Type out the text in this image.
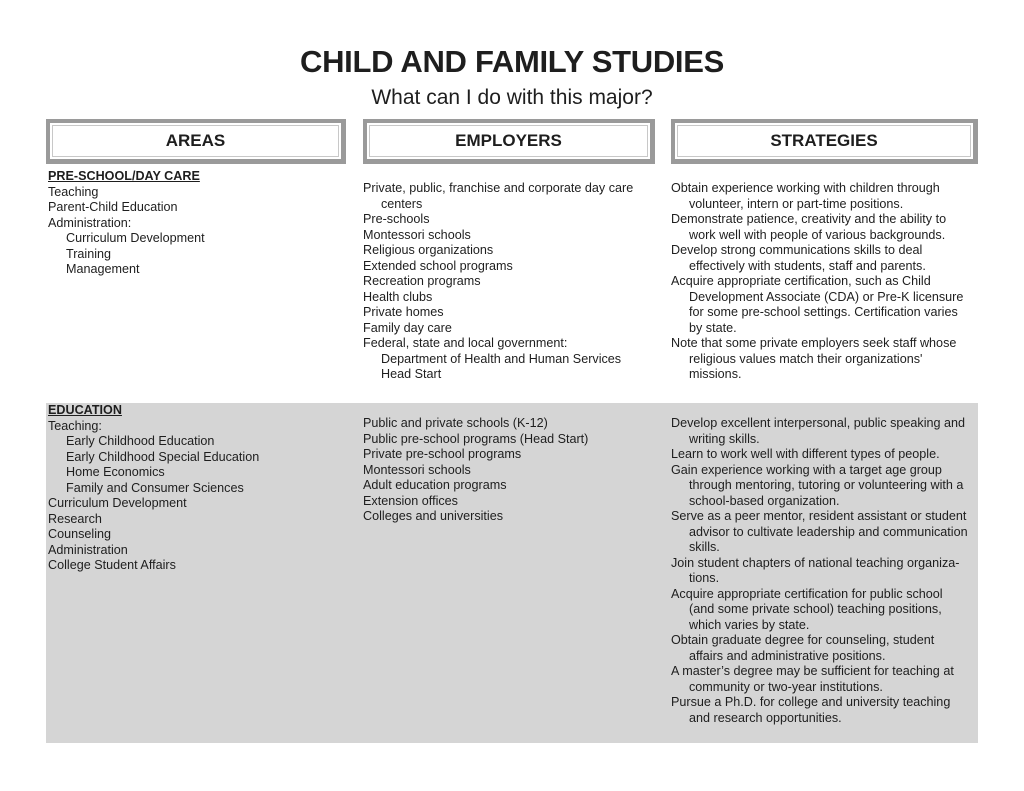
CHILD AND FAMILY STUDIES
What can I do with this major?
AREAS	EMPLOYERS	STRATEGIES
PRE-SCHOOL/DAY CARE
Teaching
Parent-Child Education
Administration:
Curriculum Development
Training
Management
Private, public, franchise and corporate day care
centers
Pre-schools
Montessori schools
Religious organizations
Extended school programs
Recreation programs
Health clubs
Private homes
Family day care
Federal, state and local government:
Department of Health and Human Services
Head Start
Obtain experience working with children through
volunteer, intern or part-time positions.
Demonstrate patience, creativity and the ability to
work well with people of various backgrounds.
Develop strong communications skills to deal
effectively with students, staff and parents.
Acquire appropriate certification, such as Child
Development Associate (CDA) or Pre-K licensure
for some pre-school settings. Certification varies
by state.
Note that some private employers seek staff whose
religious values match their organizations'
missions.
EDUCATION
Teaching:
Early Childhood Education
Early Childhood Special Education
Home Economics
Family and Consumer Sciences
Curriculum Development
Research
Counseling
Administration
College Student Affairs
Public and private schools (K-12)
Public pre-school programs (Head Start)
Private pre-school programs
Montessori schools
Adult education programs
Extension offices
Colleges and universities
Develop excellent interpersonal, public speaking and
writing skills.
Learn to work well with different types of people.
Gain experience working with a target age group
through mentoring, tutoring or volunteering with a
school-based organization.
Serve as a peer mentor, resident assistant or student
advisor to cultivate leadership and communication
skills.
Join student chapters of national teaching organiza-
tions.
Acquire appropriate certification for public school
(and some private school) teaching positions,
which varies by state.
Obtain graduate degree for counseling, student
affairs and administrative positions.
A master’s degree may be sufficient for teaching at
community or two-year institutions.
Pursue a Ph.D. for college and university teaching
and research opportunities.
